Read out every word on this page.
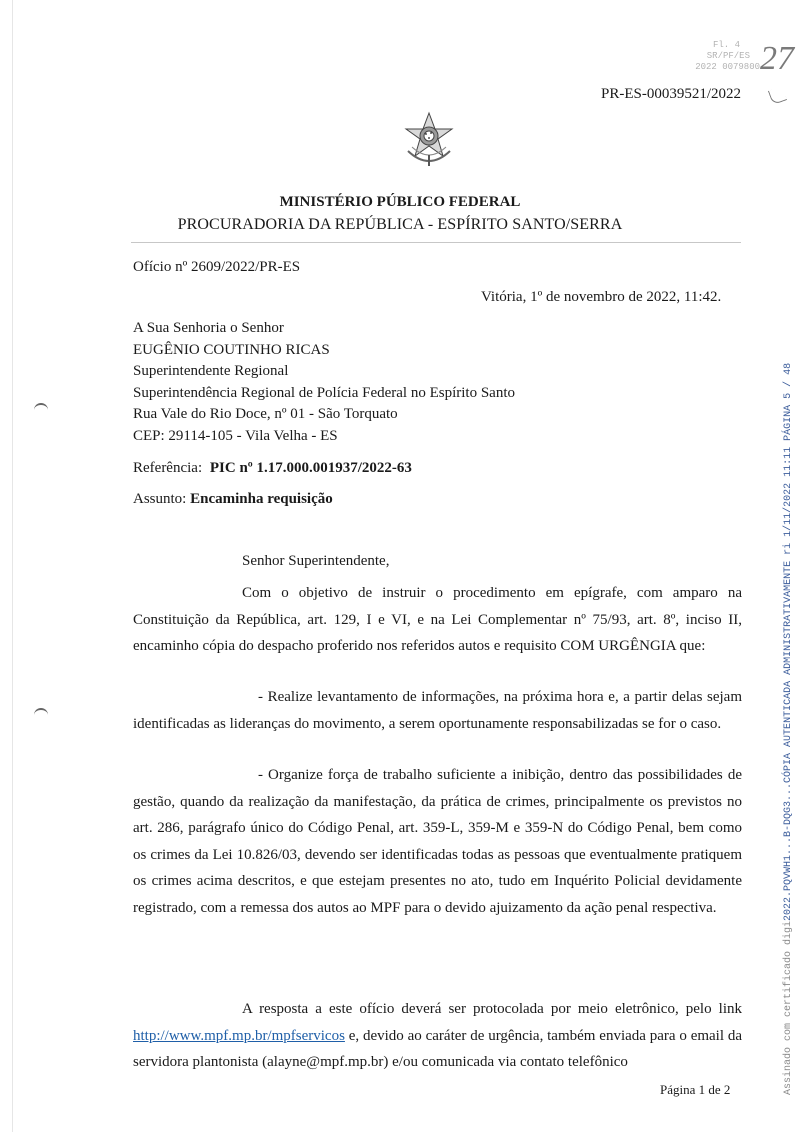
Fl. 4
SR/PF/ES
2022 0079800 27
PR-ES-00039521/2022
MINISTÉRIO PÚBLICO FEDERAL
PROCURADORIA DA REPÚBLICA - ESPÍRITO SANTO/SERRA
Ofício nº 2609/2022/PR-ES
Vitória, 1º de novembro de 2022, 11:42.
A Sua Senhoria o Senhor
EUGÊNIO COUTINHO RICAS
Superintendente Regional
Superintendência Regional de Polícia Federal no Espírito Santo
Rua Vale do Rio Doce, nº 01 - São Torquato
CEP: 29114-105 - Vila Velha - ES
Referência: PIC nº 1.17.000.001937/2022-63
Assunto: Encaminha requisição
Senhor Superintendente,
Com o objetivo de instruir o procedimento em epígrafe, com amparo na Constituição da República, art. 129, I e VI, e na Lei Complementar nº 75/93, art. 8º, inciso II, encaminho cópia do despacho proferido nos referidos autos e requisito COM URGÊNGIA que:
- Realize levantamento de informações, na próxima hora e, a partir delas sejam identificadas as lideranças do movimento, a serem oportunamente responsabilizadas se for o caso.
- Organize força de trabalho suficiente a inibição, dentro das possibilidades de gestão, quando da realização da manifestação, da prática de crimes, principalmente os previstos no art. 286, parágrafo único do Código Penal, art. 359-L, 359-M e 359-N do Código Penal, bem como os crimes da Lei 10.826/03, devendo ser identificadas todas as pessoas que eventualmente pratiquem os crimes acima descritos, e que estejam presentes no ato, tudo em Inquérito Policial devidamente registrado, com a remessa dos autos ao MPF para o devido ajuizamento da ação penal respectiva.
A resposta a este ofício deverá ser protocolada por meio eletrônico, pelo link http://www.mpf.mp.br/mpfservicos e, devido ao caráter de urgência, também enviada para o email da servidora plantonista (alayne@mpf.mp.br) e/ou comunicada via contato telefônico
Página 1 de 2	Assinado com certificado digi2022.PQVWH1...B-DQG3...CÓPIA AUTENTICADA ADMINISTRATIVAMENTE ri 1/11/2022 11:11 PÁGINA 5 / 48
